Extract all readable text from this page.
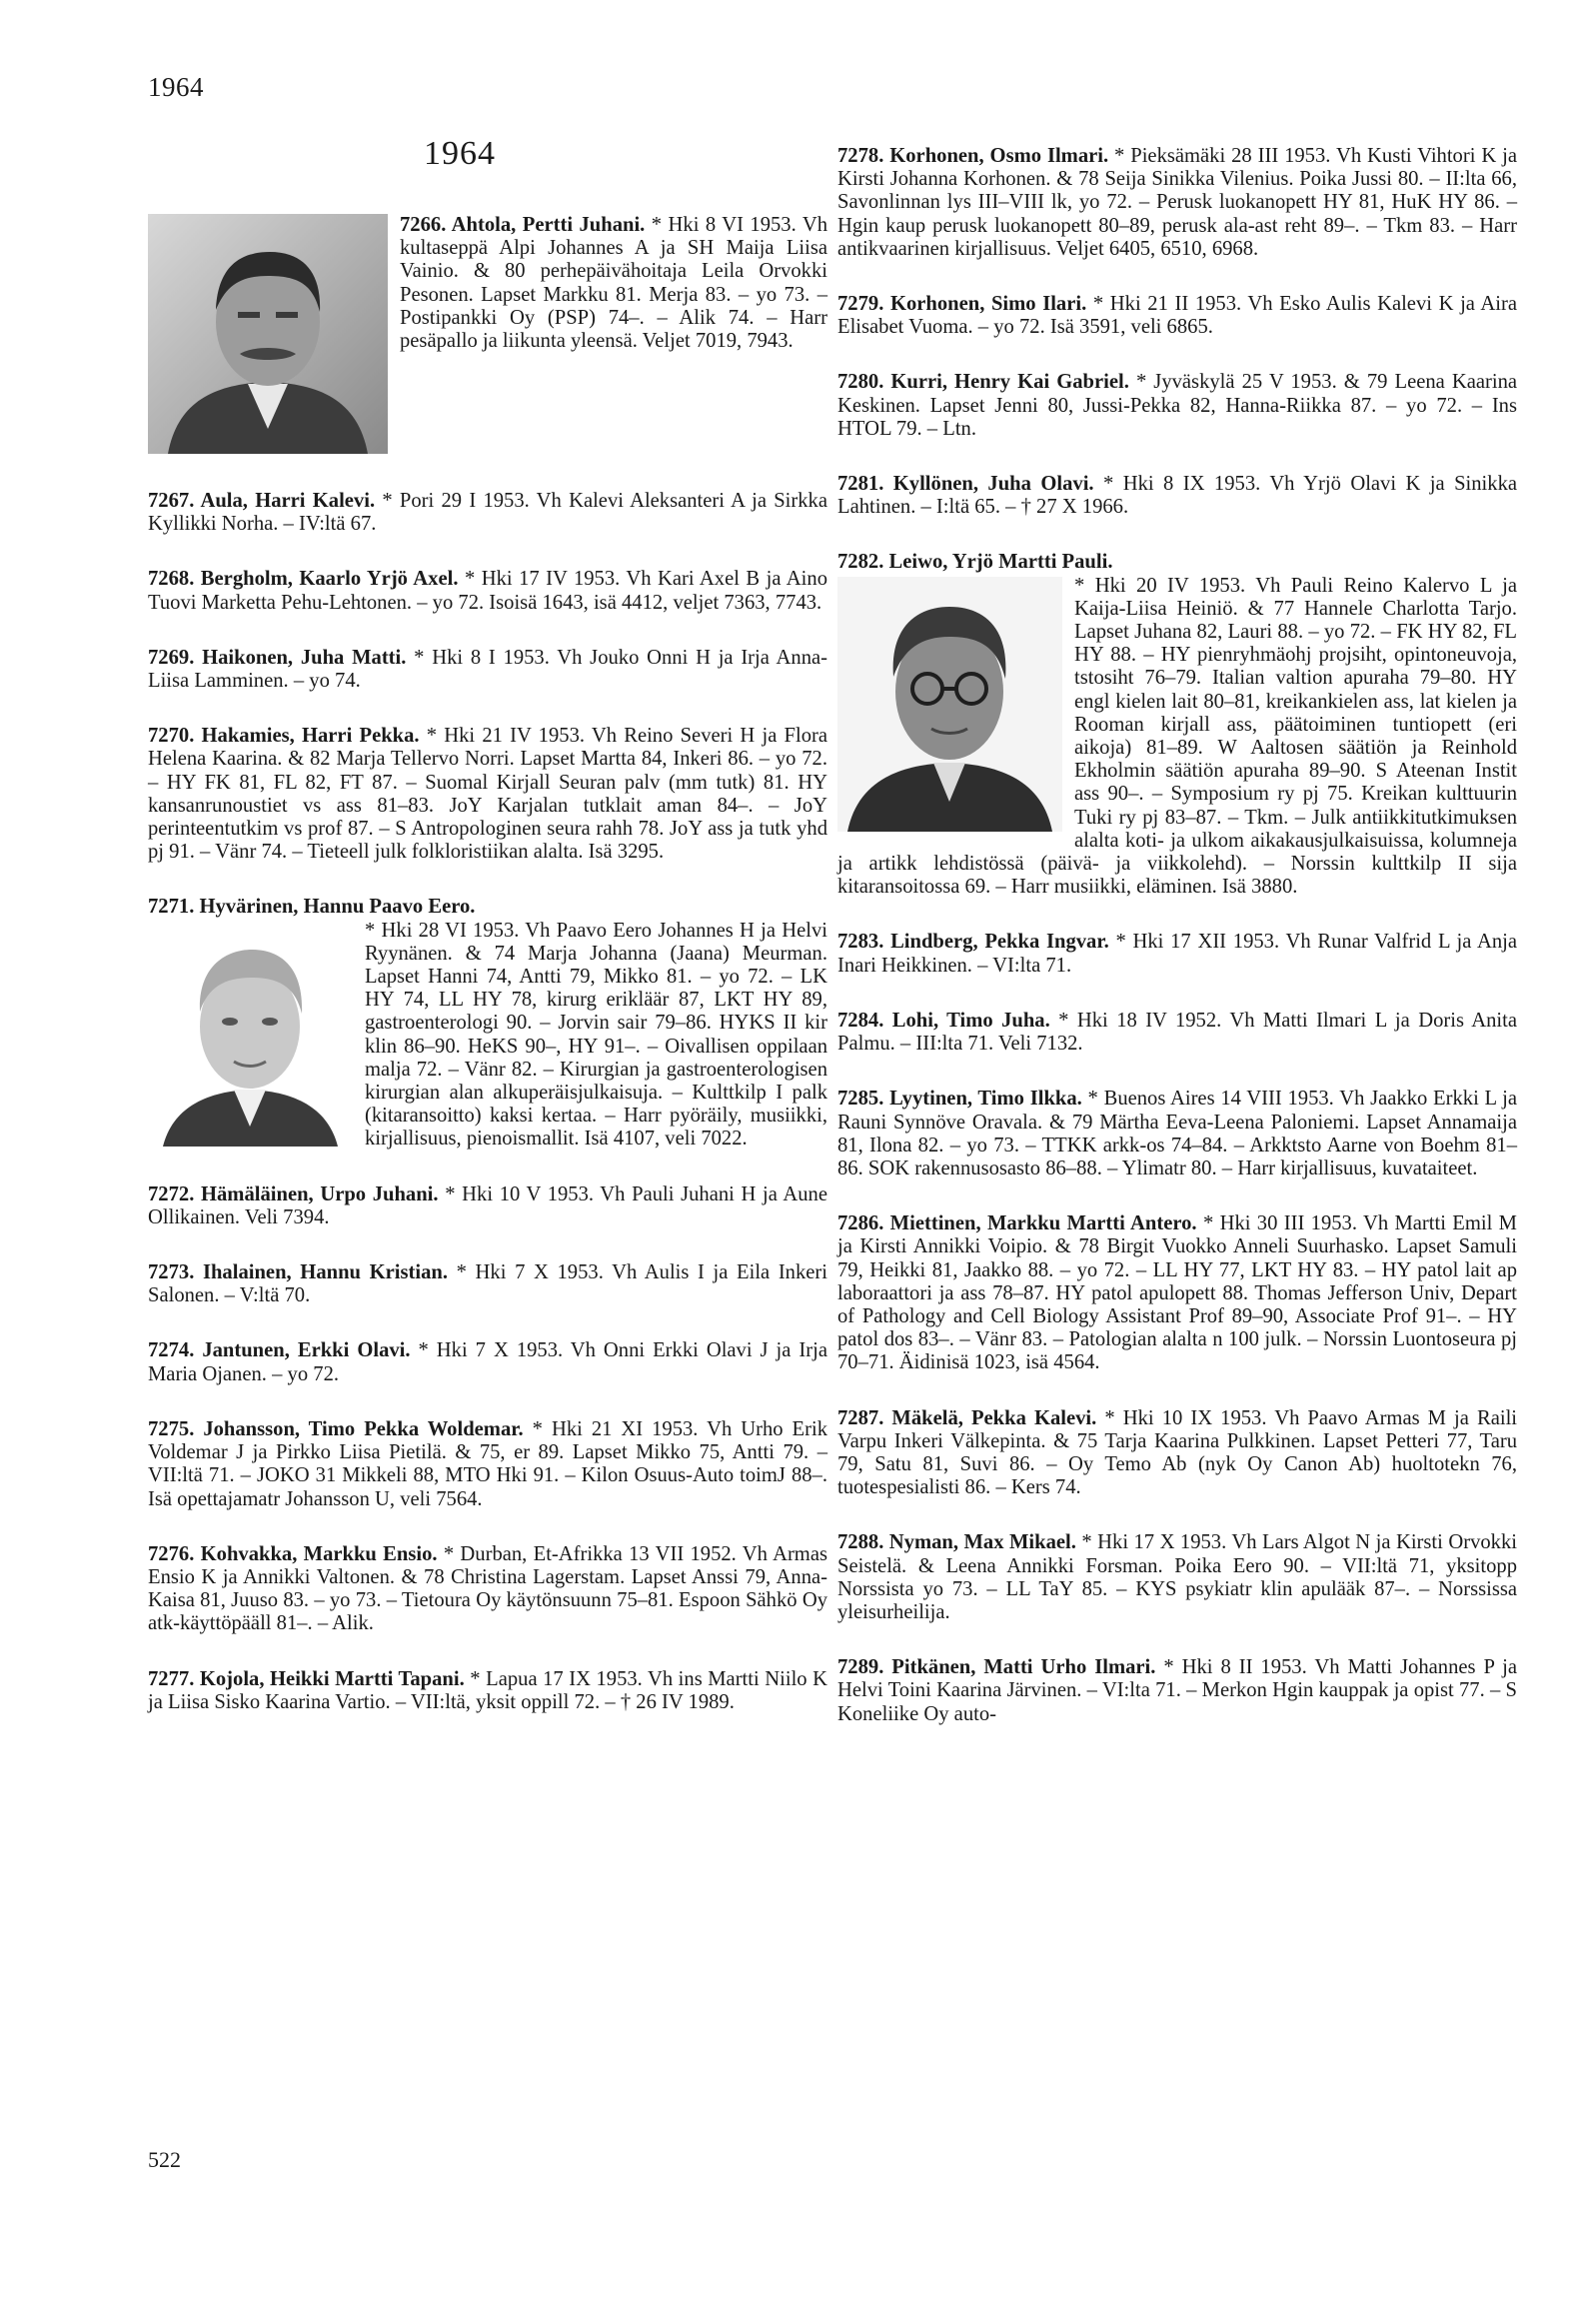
1964
1964

7266. Ahtola, Pertti Juhani. * Hki 8 VI 1953. Vh kultaseppä Alpi Johannes A ja SH Maija Liisa Vainio. & 80 perhepäivähoitaja Leila Orvokki Pesonen. Lapset Markku 81. Merja 83. – yo 73. – Postipankki Oy (PSP) 74–. – Alik 74. – Harr pesäpallo ja liikunta yleensä. Veljet 7019, 7943.

7267. Aula, Harri Kalevi. * Pori 29 I 1953. Vh Kalevi Aleksanteri A ja Sirkka Kyllikki Norha. – IV:ltä 67.

7268. Bergholm, Kaarlo Yrjö Axel. * Hki 17 IV 1953. Vh Kari Axel B ja Aino Tuovi Marketta Pehu-Lehtonen. – yo 72. Isoisä 1643, isä 4412, veljet 7363, 7743.

7269. Haikonen, Juha Matti. * Hki 8 I 1953. Vh Jouko Onni H ja Irja Anna-Liisa Lamminen. – yo 74.

7270. Hakamies, Harri Pekka. * Hki 21 IV 1953. Vh Reino Severi H ja Flora Helena Kaarina. & 82 Marja Tellervo Norri. Lapset Martta 84, Inkeri 86. – yo 72. – HY FK 81, FL 82, FT 87. – Suomal Kirjall Seuran palv (mm tutk) 81. HY kansanrunoustiet vs ass 81–83. JoY Karjalan tutklait aman 84–. – JoY perinteentutkim vs prof 87. – S Antropologinen seura rahh 78. JoY ass ja tutk yhd pj 91. – Vänr 74. – Tieteell julk folkloristiikan alalta. Isä 3295.

7271. Hyvärinen, Hannu Paavo Eero.

* Hki 28 VI 1953. Vh Paavo Eero Johannes H ja Helvi Ryynänen. & 74 Marja Johanna (Jaana) Meurman. Lapset Hanni 74, Antti 79, Mikko 81. – yo 72. – LK HY 74, LL HY 78, kirurg erikläär 87, LKT HY 89, gastroenterologi 90. – Jorvin sair 79–86. HYKS II kir klin 86–90. HeKS 90–, HY 91–. – Oivallisen oppilaan malja 72. – Vänr 82. – Kirurgian ja gastroenterologisen kirurgian alan alkuperäisjulkaisuja. – Kulttkilp I palk (kitaransoitto) kaksi kertaa. – Harr pyöräily, musiikki, kirjallisuus, pienoismallit. Isä 4107, veli 7022.

7272. Hämäläinen, Urpo Juhani. * Hki 10 V 1953. Vh Pauli Juhani H ja Aune Ollikainen. Veli 7394.

7273. Ihalainen, Hannu Kristian. * Hki 7 X 1953. Vh Aulis I ja Eila Inkeri Salonen. – V:ltä 70.

7274. Jantunen, Erkki Olavi. * Hki 7 X 1953. Vh Onni Erkki Olavi J ja Irja Maria Ojanen. – yo 72.

7275. Johansson, Timo Pekka Woldemar. * Hki 21 XI 1953. Vh Urho Erik Voldemar J ja Pirkko Liisa Pietilä. & 75, er 89. Lapset Mikko 75, Antti 79. – VII:ltä 71. – JOKO 31 Mikkeli 88, MTO Hki 91. – Kilon Osuus-Auto toimJ 88–. Isä opettajamatr Johansson U, veli 7564.

7276. Kohvakka, Markku Ensio. * Durban, Et-Afrikka 13 VII 1952. Vh Armas Ensio K ja Annikki Valtonen. & 78 Christina Lagerstam. Lapset Anssi 79, Anna-Kaisa 81, Juuso 83. – yo 73. – Tietoura Oy käytönsuunn 75–81. Espoon Sähkö Oy atk-käyttöpääll 81–. – Alik.

7277. Kojola, Heikki Martti Tapani. * Lapua 17 IX 1953. Vh ins Martti Niilo K ja Liisa Sisko Kaarina Vartio. – VII:ltä, yksit oppill 72. – † 26 IV 1989.

7278. Korhonen, Osmo Ilmari. * Pieksämäki 28 III 1953. Vh Kusti Vihtori K ja Kirsti Johanna Korhonen. & 78 Seija Sinikka Vilenius. Poika Jussi 80. – II:lta 66, Savonlinnan lys III–VIII lk, yo 72. – Perusk luokanopett HY 81, HuK HY 86. – Hgin kaup perusk luokanopett 80–89, perusk ala-ast reht 89–. – Tkm 83. – Harr antikvaarinen kirjallisuus. Veljet 6405, 6510, 6968.

7279. Korhonen, Simo Ilari. * Hki 21 II 1953. Vh Esko Aulis Kalevi K ja Aira Elisabet Vuoma. – yo 72. Isä 3591, veli 6865.

7280. Kurri, Henry Kai Gabriel. * Jyväskylä 25 V 1953. & 79 Leena Kaarina Keskinen. Lapset Jenni 80, Jussi-Pekka 82, Hanna-Riikka 87. – yo 72. – Ins HTOL 79. – Ltn.

7281. Kyllönen, Juha Olavi. * Hki 8 IX 1953. Vh Yrjö Olavi K ja Sinikka Lahtinen. – I:ltä 65. – † 27 X 1966.

7282. Leiwo, Yrjö Martti Pauli.

* Hki 20 IV 1953. Vh Pauli Reino Kalervo L ja Kaija-Liisa Heiniö. & 77 Hannele Charlotta Tarjo. Lapset Juhana 82, Lauri 88. – yo 72. – FK HY 82, FL HY 88. – HY pienryhmäohj projsiht, opintoneuvoja, tstosiht 76–79. Italian valtion apuraha 79–80. HY engl kielen lait 80–81, kreikankielen ass, lat kielen ja Rooman kirjall ass, päätoiminen tuntiopett (eri aikoja) 81–89. W Aaltosen säätiön ja Reinhold Ekholmin säätiön apuraha 89–90. S Ateenan Instit ass 90–. – Symposium ry pj 75. Kreikan kulttuurin Tuki ry pj 83–87. – Tkm. – Julk antiikkitutkimuksen alalta koti- ja ulkom aikakausjulkaisuissa, kolumneja ja artikk lehdistössä (päivä- ja viikkolehd). – Norssin kulttkilp II sija kitaransoitossa 69. – Harr musiikki, eläminen. Isä 3880.

7283. Lindberg, Pekka Ingvar. * Hki 17 XII 1953. Vh Runar Valfrid L ja Anja Inari Heikkinen. – VI:lta 71.

7284. Lohi, Timo Juha. * Hki 18 IV 1952. Vh Matti Ilmari L ja Doris Anita Palmu. – III:lta 71. Veli 7132.

7285. Lyytinen, Timo Ilkka. * Buenos Aires 14 VIII 1953. Vh Jaakko Erkki L ja Rauni Synnöve Oravala. & 79 Märtha Eeva-Leena Paloniemi. Lapset Annamaija 81, Ilona 82. – yo 73. – TTKK arkk-os 74–84. – Arkktsto Aarne von Boehm 81–86. SOK rakennusosasto 86–88. – Ylimatr 80. – Harr kirjallisuus, kuvataiteet.

7286. Miettinen, Markku Martti Antero. * Hki 30 III 1953. Vh Martti Emil M ja Kirsti Annikki Voipio. & 78 Birgit Vuokko Anneli Suurhasko. Lapset Samuli 79, Heikki 81, Jaakko 88. – yo 72. – LL HY 77, LKT HY 83. – HY patol lait ap laboraattori ja ass 78–87. HY patol apulopett 88. Thomas Jefferson Univ, Depart of Pathology and Cell Biology Assistant Prof 89–90, Associate Prof 91–. – HY patol dos 83–. – Vänr 83. – Patologian alalta n 100 julk. – Norssin Luontoseura pj 70–71. Äidinisä 1023, isä 4564.

7287. Mäkelä, Pekka Kalevi. * Hki 10 IX 1953. Vh Paavo Armas M ja Raili Varpu Inkeri Välkepinta. & 75 Tarja Kaarina Pulkkinen. Lapset Petteri 77, Taru 79, Satu 81, Suvi 86. – Oy Temo Ab (nyk Oy Canon Ab) huoltotekn 76, tuotespesialisti 86. – Kers 74.

7288. Nyman, Max Mikael. * Hki 17 X 1953. Vh Lars Algot N ja Kirsti Orvokki Seistelä. & Leena Annikki Forsman. Poika Eero 90. – VII:ltä 71, yksitopp Norssista yo 73. – LL TaY 85. – KYS psykiatr klin apulääk 87–. – Norssissa yleisurheilija.

7289. Pitkänen, Matti Urho Ilmari. * Hki 8 II 1953. Vh Matti Johannes P ja Helvi Toini Kaarina Järvinen. – VI:lta 71. – Merkon Hgin kauppak ja opist 77. – S Koneliike Oy auto-

522
